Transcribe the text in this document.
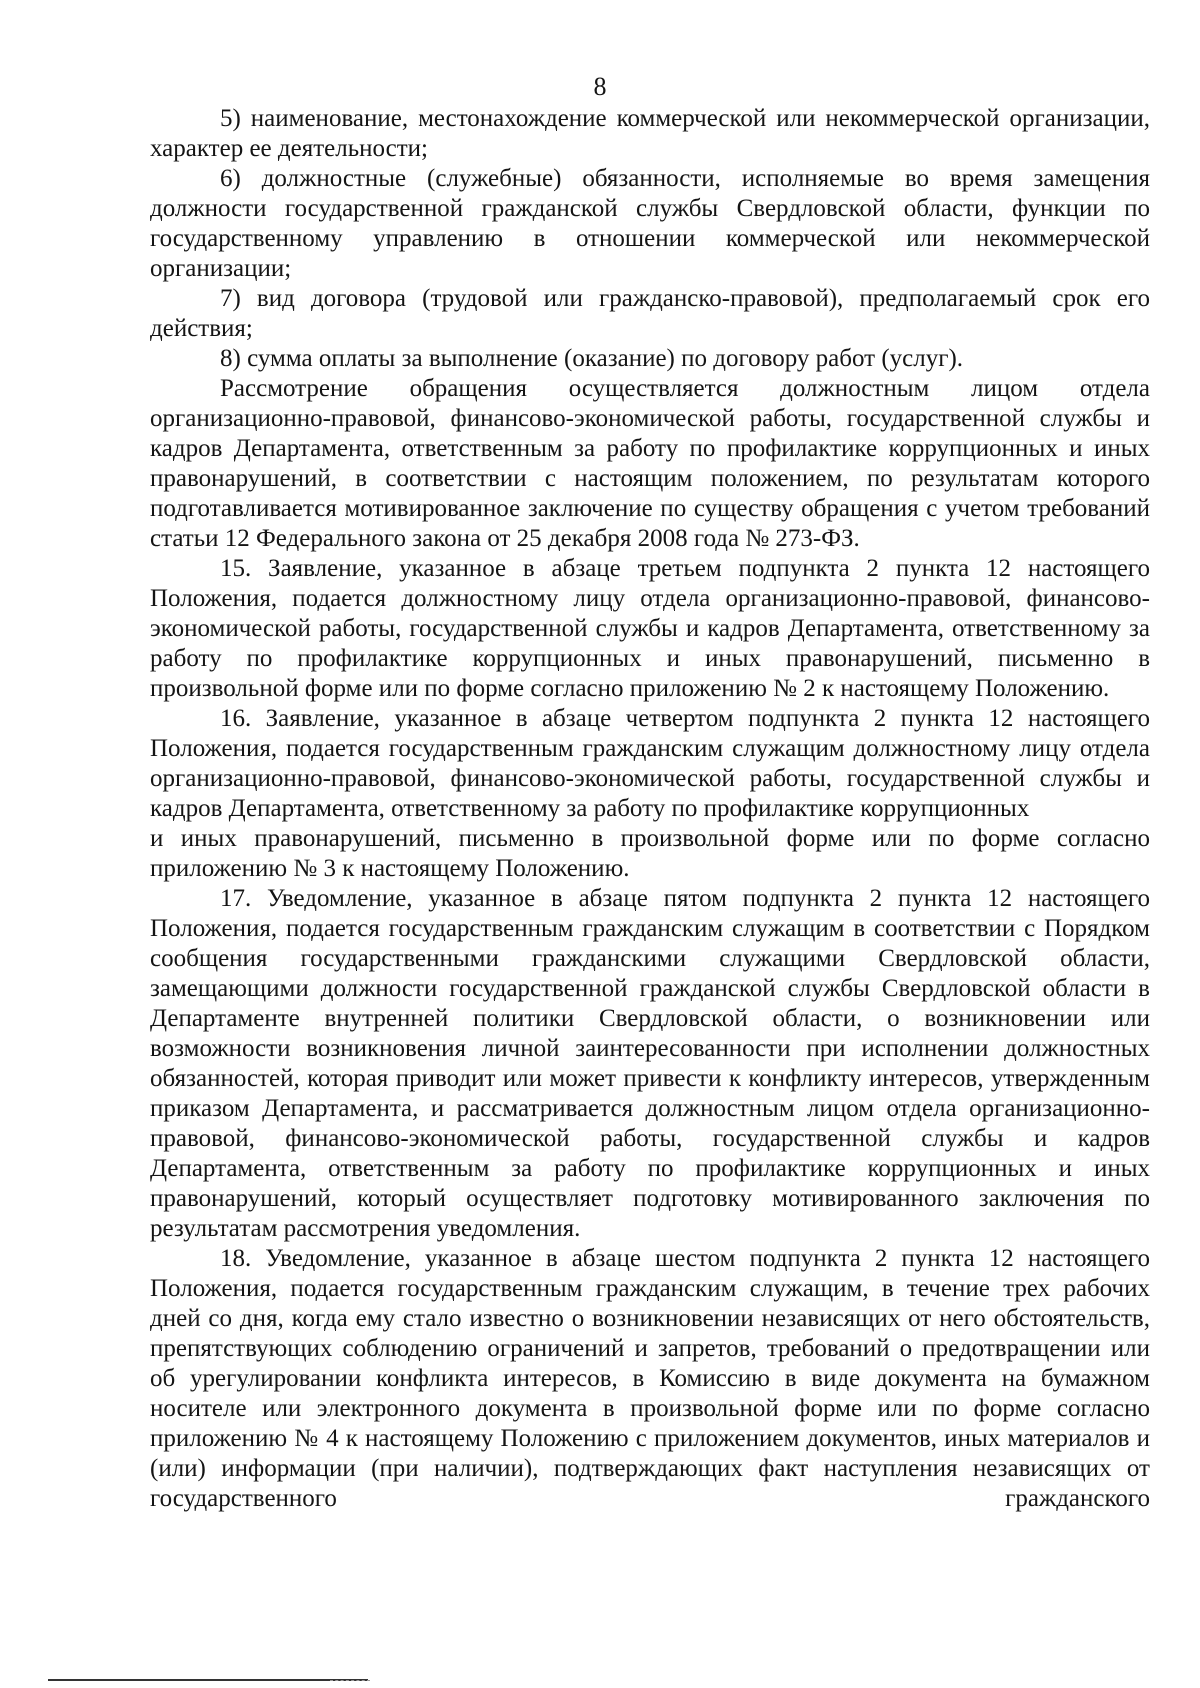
8

5) наименование, местонахождение коммерческой или некоммерческой организации, характер ее деятельности;

6) должностные (служебные) обязанности, исполняемые во время замещения должности государственной гражданской службы Свердловской области, функции по государственному управлению в отношении коммерческой или некоммерческой организации;

7) вид договора (трудовой или гражданско-правовой), предполагаемый срок его действия;

8) сумма оплаты за выполнение (оказание) по договору работ (услуг).

Рассмотрение обращения осуществляется должностным лицом отдела организационно-правовой, финансово-экономической работы, государственной службы и кадров Департамента, ответственным за работу по профилактике коррупционных и иных правонарушений, в соответствии с настоящим положением, по результатам которого подготавливается мотивированное заключение по существу обращения с учетом требований статьи 12 Федерального закона от 25 декабря 2008 года № 273-ФЗ.

15. Заявление, указанное в абзаце третьем подпункта 2 пункта 12 настоящего Положения, подается должностному лицу отдела организационно-правовой, финансово-экономической работы, государственной службы и кадров Департамента, ответственному за работу по профилактике коррупционных и иных правонарушений, письменно в произвольной форме или по форме согласно приложению № 2 к настоящему Положению.

16. Заявление, указанное в абзаце четвертом подпункта 2 пункта 12 настоящего Положения, подается государственным гражданским служащим должностному лицу отдела организационно-правовой, финансово-экономической работы, государственной службы и кадров Департамента, ответственному за работу по профилактике коррупционных

и иных правонарушений, письменно в произвольной форме или по форме согласно приложению № 3 к настоящему Положению.

17. Уведомление, указанное в абзаце пятом подпункта 2 пункта 12 настоящего Положения, подается государственным гражданским служащим в соответствии с Порядком сообщения государственными гражданскими служащими Свердловской области, замещающими должности государственной гражданской службы Свердловской области в Департаменте внутренней политики Свердловской области, о возникновении или возможности возникновения личной заинтересованности при исполнении должностных обязанностей, которая приводит или может привести к конфликту интересов, утвержденным приказом Департамента, и рассматривается должностным лицом отдела организационно-правовой, финансово-экономической работы, государственной службы и кадров Департамента, ответственным за работу по профилактике коррупционных и иных правонарушений, который осуществляет подготовку мотивированного заключения по результатам рассмотрения уведомления.

18. Уведомление, указанное в абзаце шестом подпункта 2 пункта 12 настоящего Положения, подается государственным гражданским служащим, в течение трех рабочих дней со дня, когда ему стало известно о возникновении независящих от него обстоятельств, препятствующих соблюдению ограничений и запретов, требований о предотвращении или об урегулировании конфликта интересов, в Комиссию в виде документа на бумажном носителе или электронного документа в произвольной форме или по форме согласно приложению № 4 к настоящему Положению с приложением документов, иных материалов и (или) информации (при наличии), подтверждающих факт наступления независящих от государственного гражданского
